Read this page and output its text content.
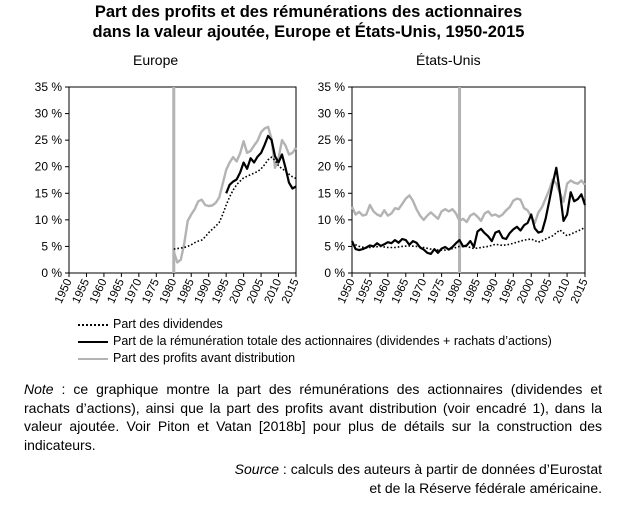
Part des profits et des rémunérations des actionnaires
dans la valeur ajoutée, Europe et États-Unis, 1950-2015
Europe	États-Unis
0 %
5 %
10 %
15 %
20 %
25 %
30 %
35 %
1950
1955
1960
1965
1970
1975
1980
1985
1990
1995
2000
2005
2010
2015
0 %
5 %
10 %
15 %
20 %
25 %
30 %
35 %
1950
1955
1960
1965
1970
1975
1980
1985
1990
1995
2000
2005
2010
2015
Part des dividendes
Part de la rémunération totale des actionnaires (dividendes + rachats d’actions)
Part des profits avant distribution
Note : ce graphique montre la part des rémunérations des actionnaires (dividendes et rachats d’actions), ainsi que la part des profits avant distribution (voir encadré 1), dans la valeur ajoutée. Voir Piton et Vatan [2018b] pour plus de détails sur la construction des indicateurs.
Source : calculs des auteurs à partir de données d’Eurostat
et de la Réserve fédérale américaine.
